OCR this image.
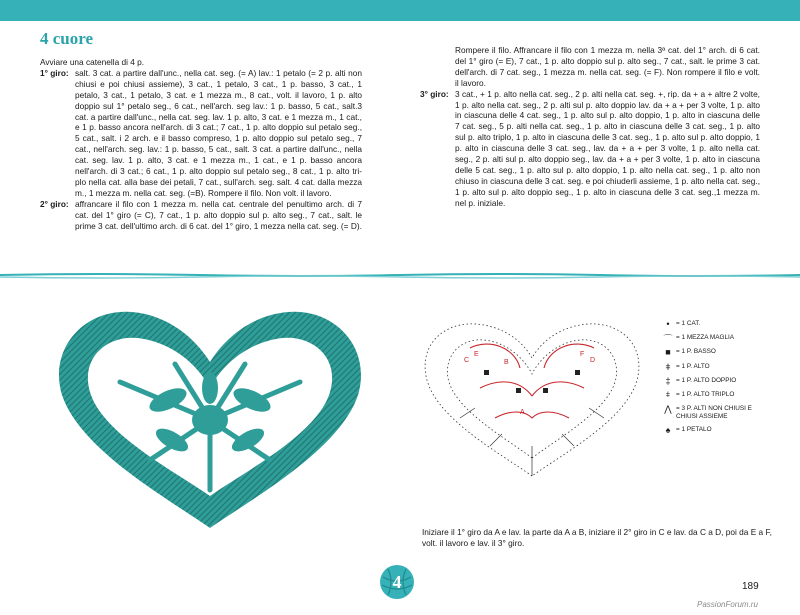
4 cuore
Avviare una catenella di 4 p.
1° giro: salt. 3 cat. a partire dall'unc., nella cat. seg. (= A) lav.: 1 petalo (= 2 p. alti non chiusi e poi chiusi assieme), 3 cat., 1 petalo, 3 cat., 1 p. basso, 3 cat., 1 petalo, 3 cat., 1 petalo, 3 cat. e 1 mezza m., 8 cat., volt. il lavoro, 1 p. alto doppio sul 1° petalo seg., 6 cat., nell'arch. seg lav.: 1 p. basso, 5 cat., salt.3 cat. a partire dall'unc., nella cat. seg. lav. 1 p. alto, 3 cat. e 1 mezza m., 1 cat., e 1 p. basso ancora nell'arch. di 3 cat.; 7 cat., 1 p. alto doppio sul petalo seg., 5 cat., salt. i 2 arch. e il basso compreso, 1 p. alto doppio sul petalo seg., 7 cat., nell'arch. seg. lav.: 1 p. basso, 5 cat., salt. 3 cat. a partire dall'unc., nella cat. seg. lav. 1 p. alto, 3 cat. e 1 mezza m., 1 cat., e 1 p. basso ancora nell'arch. di 3 cat.; 6 cat., 1 p. alto doppio sul petalo seg., 8 cat., 1 p. alto tri-plo nella cat. alla base dei petali, 7 cat., sull'arch. seg. salt. 4 cat. dalla mezza m., 1 mezza m. nella cat. seg. (=B). Rompere il filo. Non volt. il lavoro.
2° giro: affrancare il filo con 1 mezza m. nella cat. centrale del penultimo arch. di 7 cat. del 1° giro (= C), 7 cat., 1 p. alto doppio sul p. alto seg., 7 cat., salt. le prime 3 cat. dell'ultimo arch. di 6 cat. del 1° giro, 1 mezza nella cat. seg. (= D).
Rompere il filo. Affrancare il filo con 1 mezza m. nella 3ª cat. del 1° arch. di 6 cat. del 1° giro (= E), 7 cat., 1 p. alto doppio sul p. alto seg., 7 cat., salt. le prime 3 cat. dell'arch. di 7 cat. seg., 1 mezza m. nella cat. seg. (= F). Non rompere il filo e volt. il lavoro.
3° giro: 3 cat., + 1 p. alto nella cat. seg., 2 p. alti nella cat. seg. +, rip. da + a + altre 2 volte, 1 p. alto nella cat. seg., 2 p. alti sul p. alto doppio lav. da + a + per 3 volte, 1 p. alto in ciascuna delle 4 cat. seg., 1 p. alto sul p. alto doppio, 1 p. alto in ciascuna delle 7 cat. seg., 5 p. alti nella cat. seg., 1 p. alto in ciascuna delle 3 cat. seg., 1 p. alto sul p. alto triplo, 1 p. alto in ciascuna delle 3 cat. seg., 1 p. alto sul p. alto doppio, 1 p. alto in ciascuna delle 3 cat. seg., lav. da + a + per 3 volte, 1 p. alto nella cat. seg., 2 p. alti sul p. alto doppio seg., lav. da + a + per 3 volte, 1 p. alto in ciascuna delle 5 cat. seg., 1 p. alto sul p. alto doppio, 1 p. alto nella cat. seg., 1 p. alto non chiuso in ciascuna delle 3 cat. seg. e poi chiuderli assieme, 1 p. alto nella cat. seg., 1 p. alto sul p. alto doppio seg., 1 p. alto in ciascuna delle 3 cat. seg.,1 mezza m. nel p. iniziale.
A
B
C	D
E	F
•	= 1 CAT.
⌒ = 1 MEZZA MAGLIA
■ = 1 P. BASSO
ǂ = 1 P. ALTO
‡ = 1 P. ALTO DOPPIO
⧧ = 1 P. ALTO TRIPLO
⋀ = 3 P. ALTI NON CHIUSI E CHIUSI ASSIEME
♠ = 1 PETALO
Iniziare il 1° giro da A e lav. la parte da A a B, iniziare il 2° giro in C e lav. da C a D, poi da E a F, volt. il lavoro e lav. il 3° giro.
4	189
PassionForum.ru
